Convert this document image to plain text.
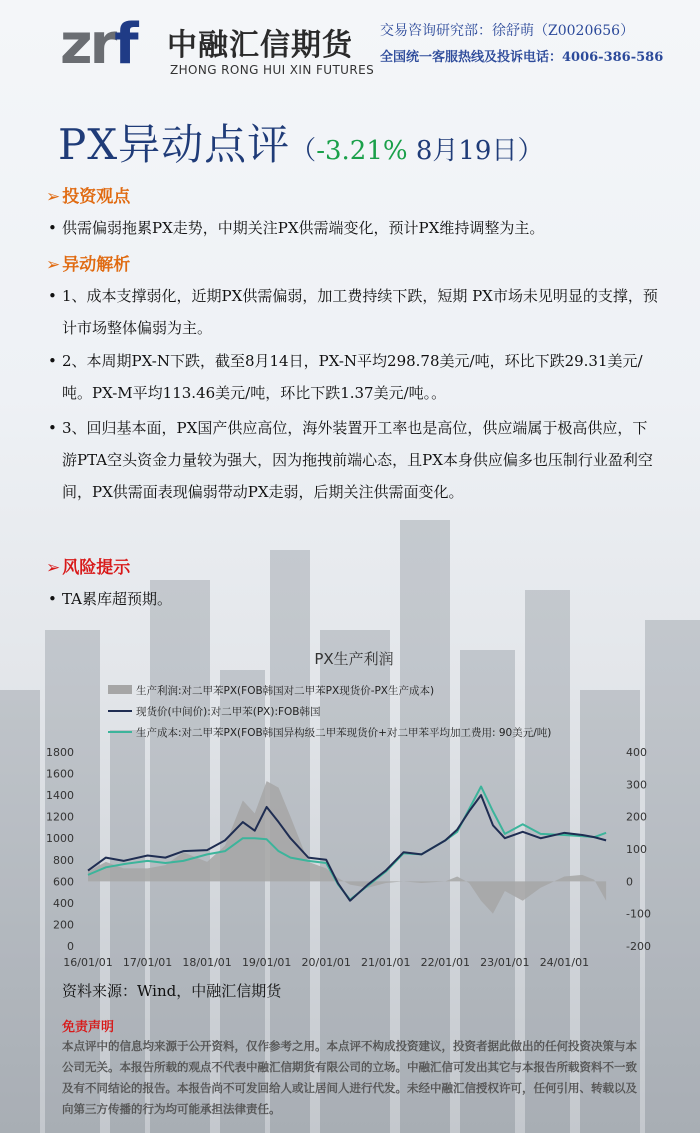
zrf 中融汇信期货
ZHONG RONG HUI XIN FUTURES
交易咨询研究部：徐舒萌（Z0020656）
全国统一客服热线及投诉电话：4006-386-586
PX异动点评（-3.21% 8月19日）
➢ 投资观点
• 供需偏弱拖累PX走势，中期关注PX供需端变化，预计PX维持调整为主。
➢ 异动解析
• 1、成本支撑弱化，近期PX供需偏弱，加工费持续下跌，短期 PX市场未见明显的支撑，预计市场整体偏弱为主。
• 2、本周期PX-N下跌，截至8月14日，PX-N平均298.78美元/吨，环比下跌29.31美元/吨。PX-M平均113.46美元/吨，环比下跌1.37美元/吨。。
• 3、回归基本面，PX国产供应高位，海外装置开工率也是高位，供应端属于极高供应，下游PTA空头资金力量较为强大，因为拖拽前端心态，且PX本身供应偏多也压制行业盈利空间，PX供需面表现偏弱带动PX走弱，后期关注供需面变化。
➢ 风险提示
• TA累库超预期。
PX生产利润
生产利润:对二甲苯PX(FOB韩国对二甲苯PX现货价-PX生产成本)
现货价(中间价):对二甲苯(PX):FOB韩国
生产成本:对二甲苯PX(FOB韩国异构级二甲苯现货价+对二甲苯平均加工费用: 90美元/吨)
0
200
400
600
800
1000
1200
1400
1600
1800
-200
-100
0
100
200
300
400
16/01/01 17/01/01 18/01/01 19/01/01 20/01/01 21/01/01 22/01/01 23/01/01 24/01/01
资料来源：Wind，中融汇信期货
免责声明
本点评中的信息均来源于公开资料，仅作参考之用。本点评不构成投资建议，投资者据此做出的任何投资决策与本公司无关。本报告所载的观点不代表中融汇信期货有限公司的立场。中融汇信可发出其它与本报告所载资料不一致及有不同结论的报告。本报告尚不可发回给人或让居间人进行代发。未经中融汇信授权许可，任何引用、转载以及向第三方传播的行为均可能承担法律责任。
